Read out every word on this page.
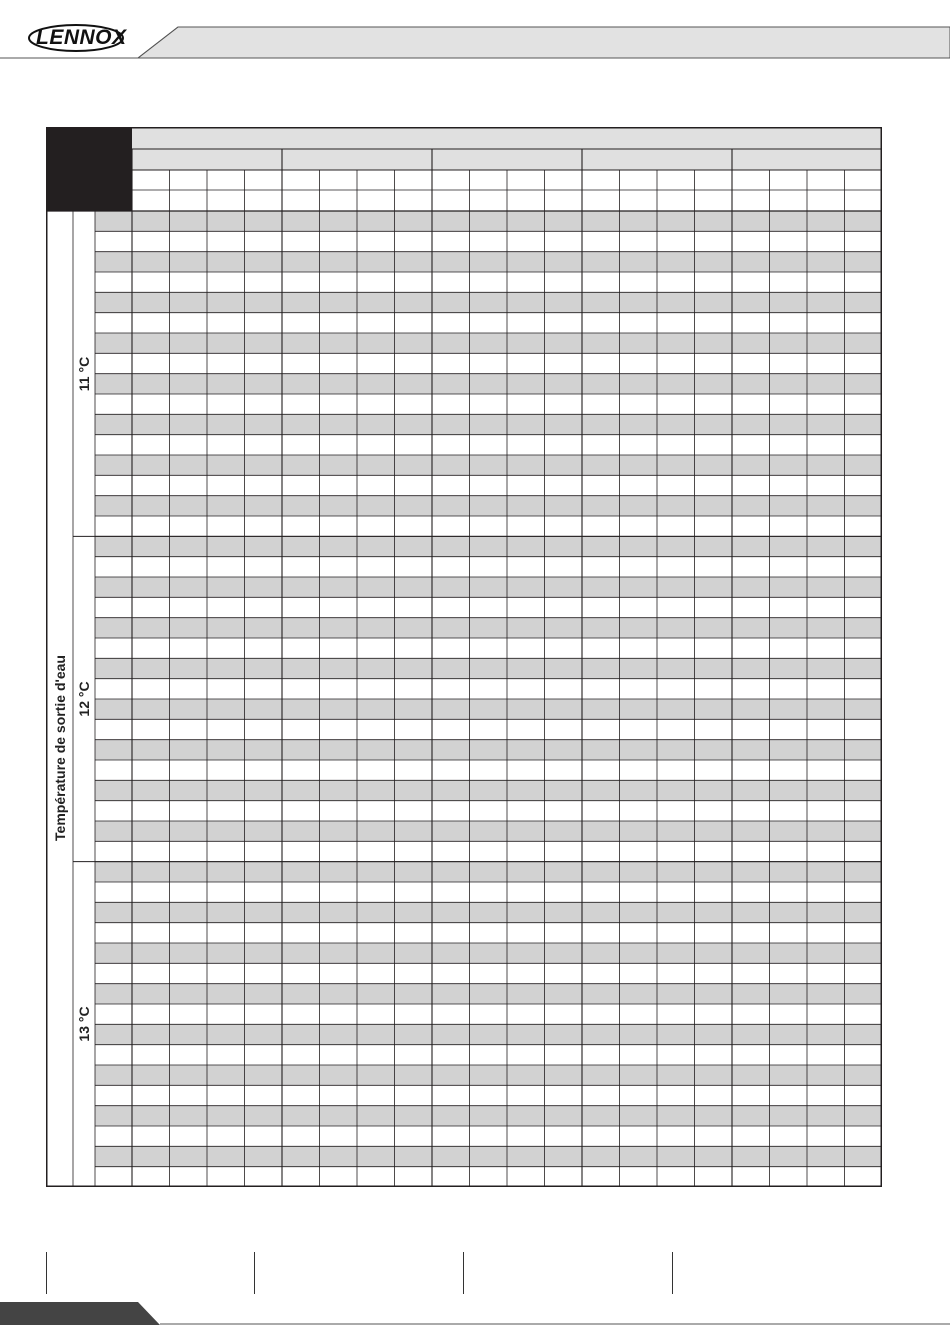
LENNOX
Température de sortie d'eau
11 °C
12 °C
13 °C
